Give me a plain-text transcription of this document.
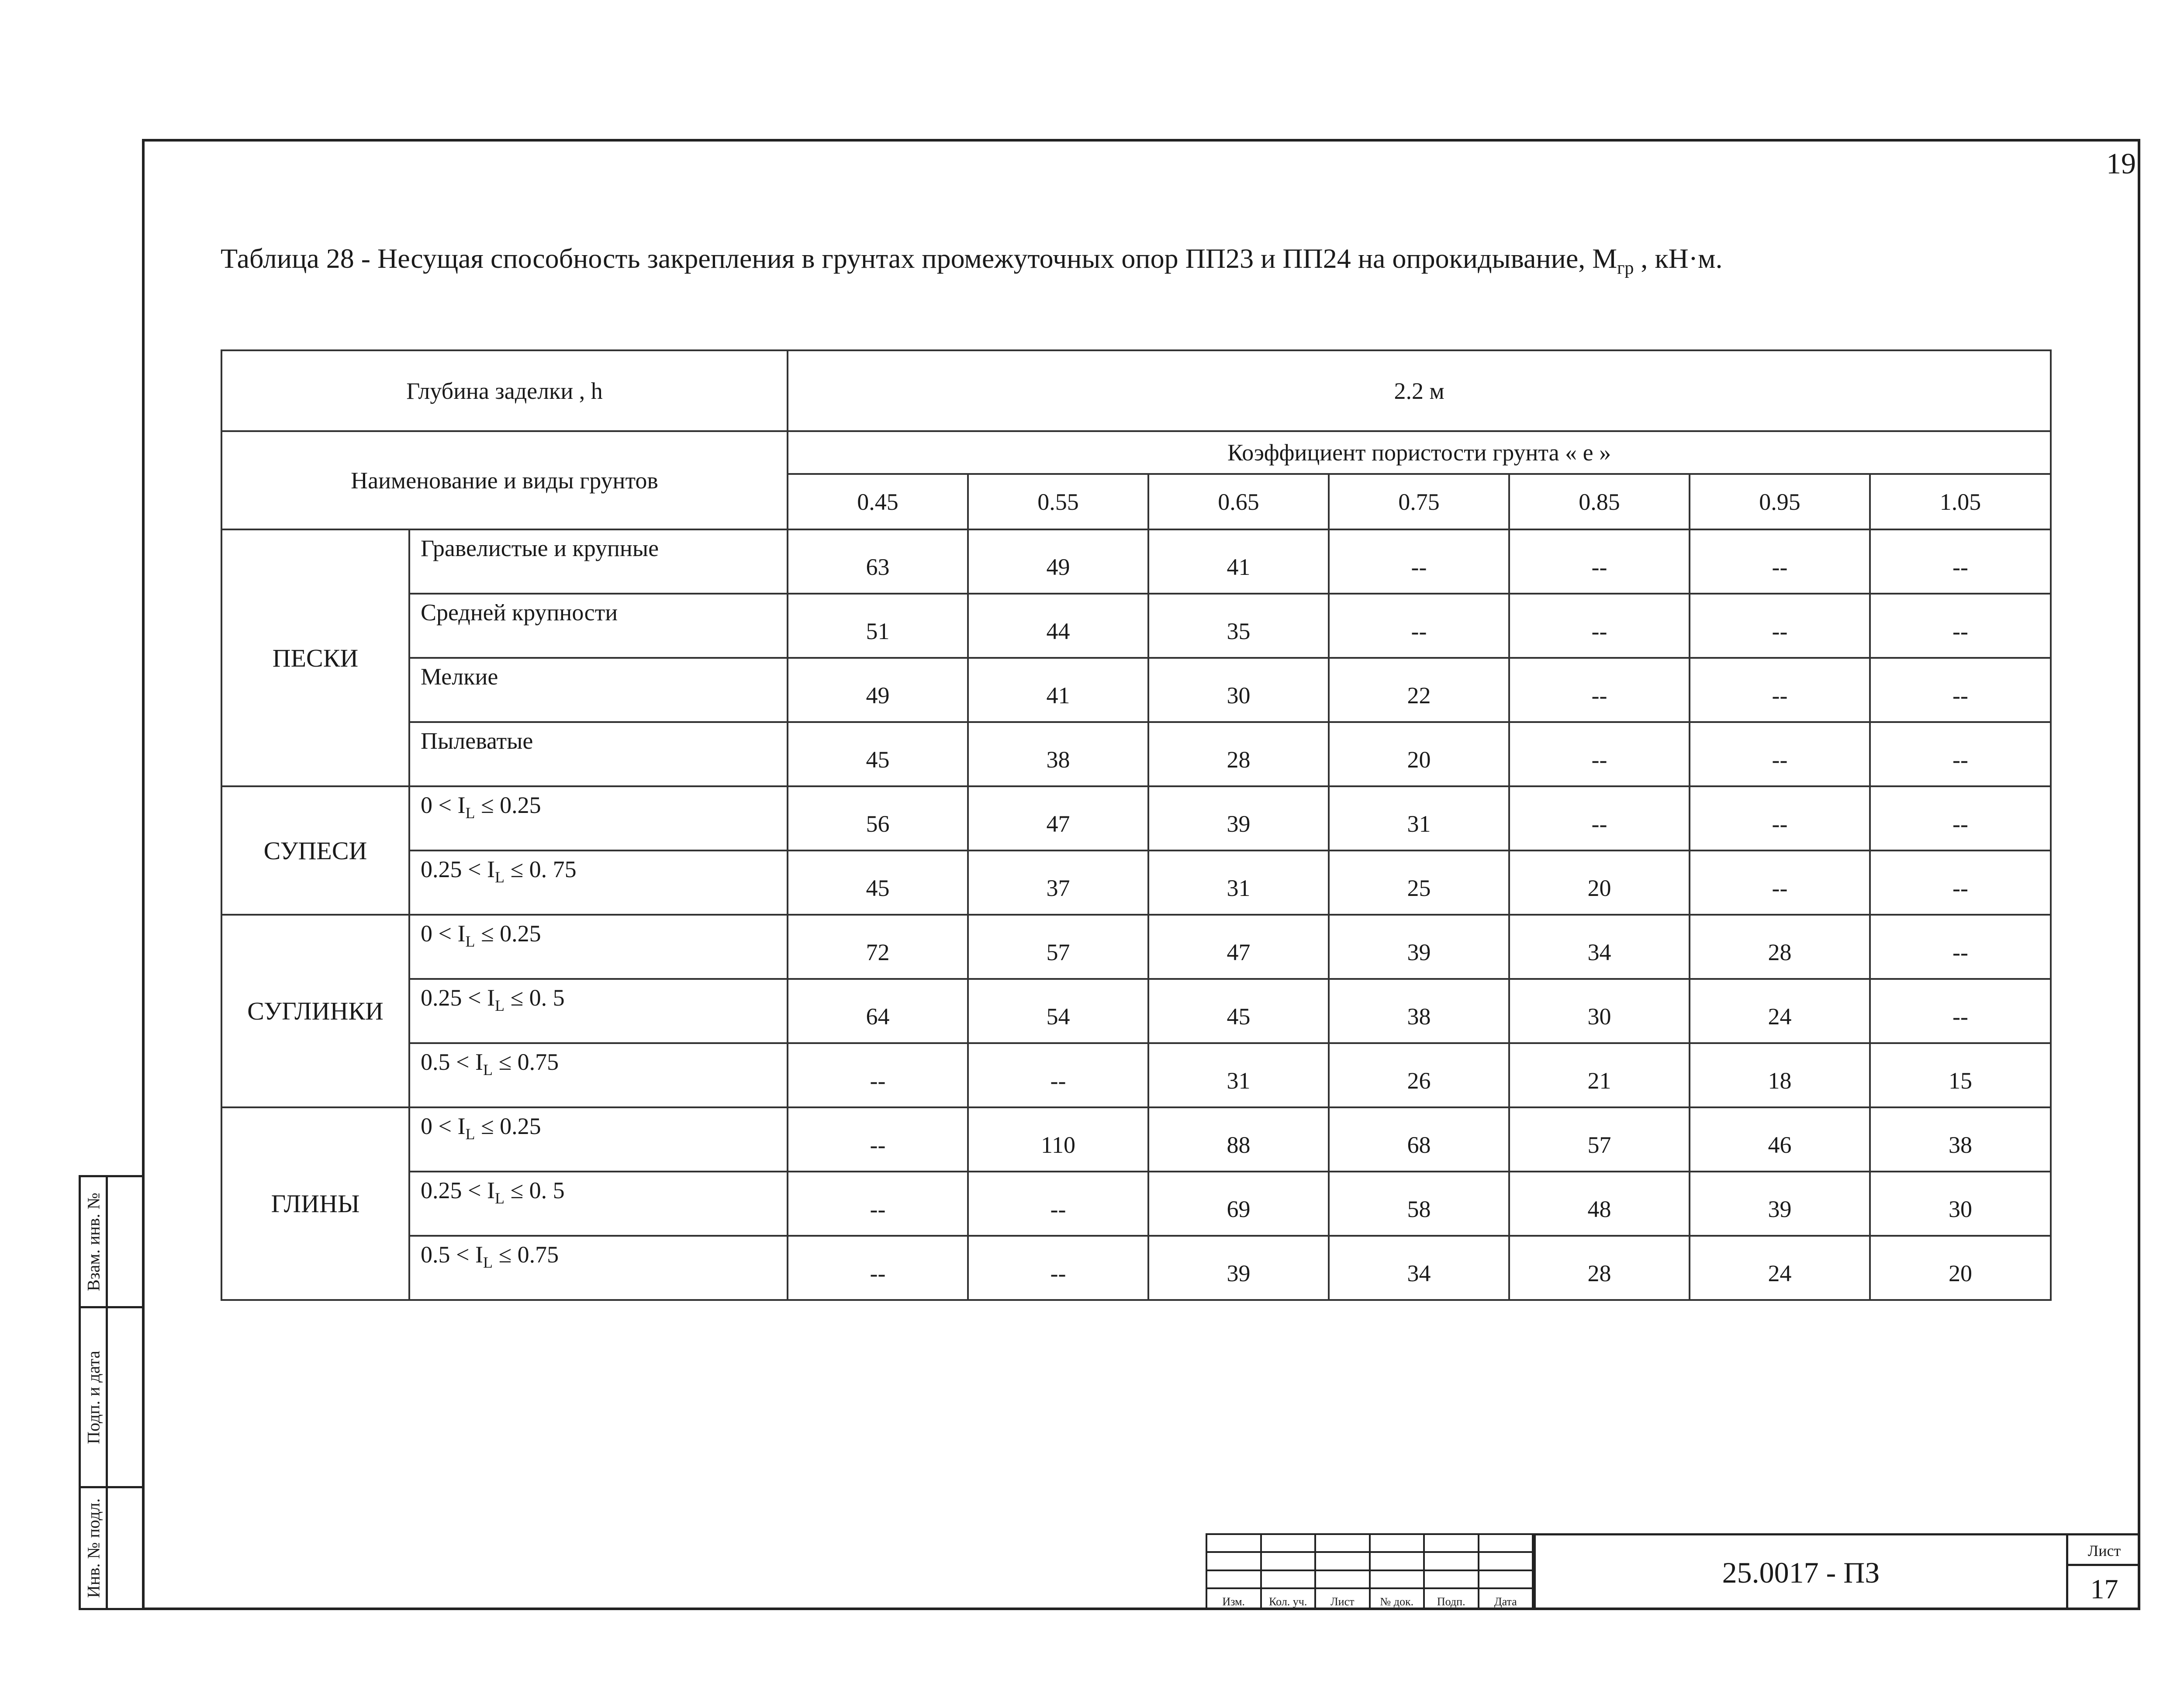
19
Таблица 28 - Несущая способность закрепления в грунтах промежуточных опор ПП23 и ПП24 на опрокидывание, $М_{гр}$ , кН·м.
Глубина заделки , h		2.2 м						
Наименование и виды грунтов		Коэффициент пористости грунта « е »						
		0.45	0.55	0.65	0.75	0.85	0.95	1.05
ПЕСКИ	Гравелистые и крупные	63	49	41	--	--	--	--
	Средней крупности	51	44	35	--	--	--	--
	Мелкие	49	41	30	22	--	--	--
	Пылеватые	45	38	28	20	--	--	--
СУПЕСИ	$0 < I_L \le 0.25$	56	47	39	31	--	--	--
	$0.25 < I_L \le 0$. 75	45	37	31	25	20	--	--
СУГЛИНКИ	$0 < I_L \le 0.25$	72	57	47	39	34	28	--
	$0.25 < I_L \le 0$. 5	64	54	45	38	30	24	--
	$0.5 < I_L \le 0.75$	--	--	31	26	21	18	15
ГЛИНЫ	$0 < I_L \le 0.25$	--	110	88	68	57	46	38
	$0.25 < I_L \le 0$. 5	--	--	69	58	48	39	30
	$0.5 < I_L \le 0.75$	--	--	39	34	28	24	20
Взам. инв. №
Подп. и дата
Инв. № подл.

Изм.	Кол. уч.	Лист	№ док.	Подп.	Дата
25.0017 - ПЗ
Лист
17
